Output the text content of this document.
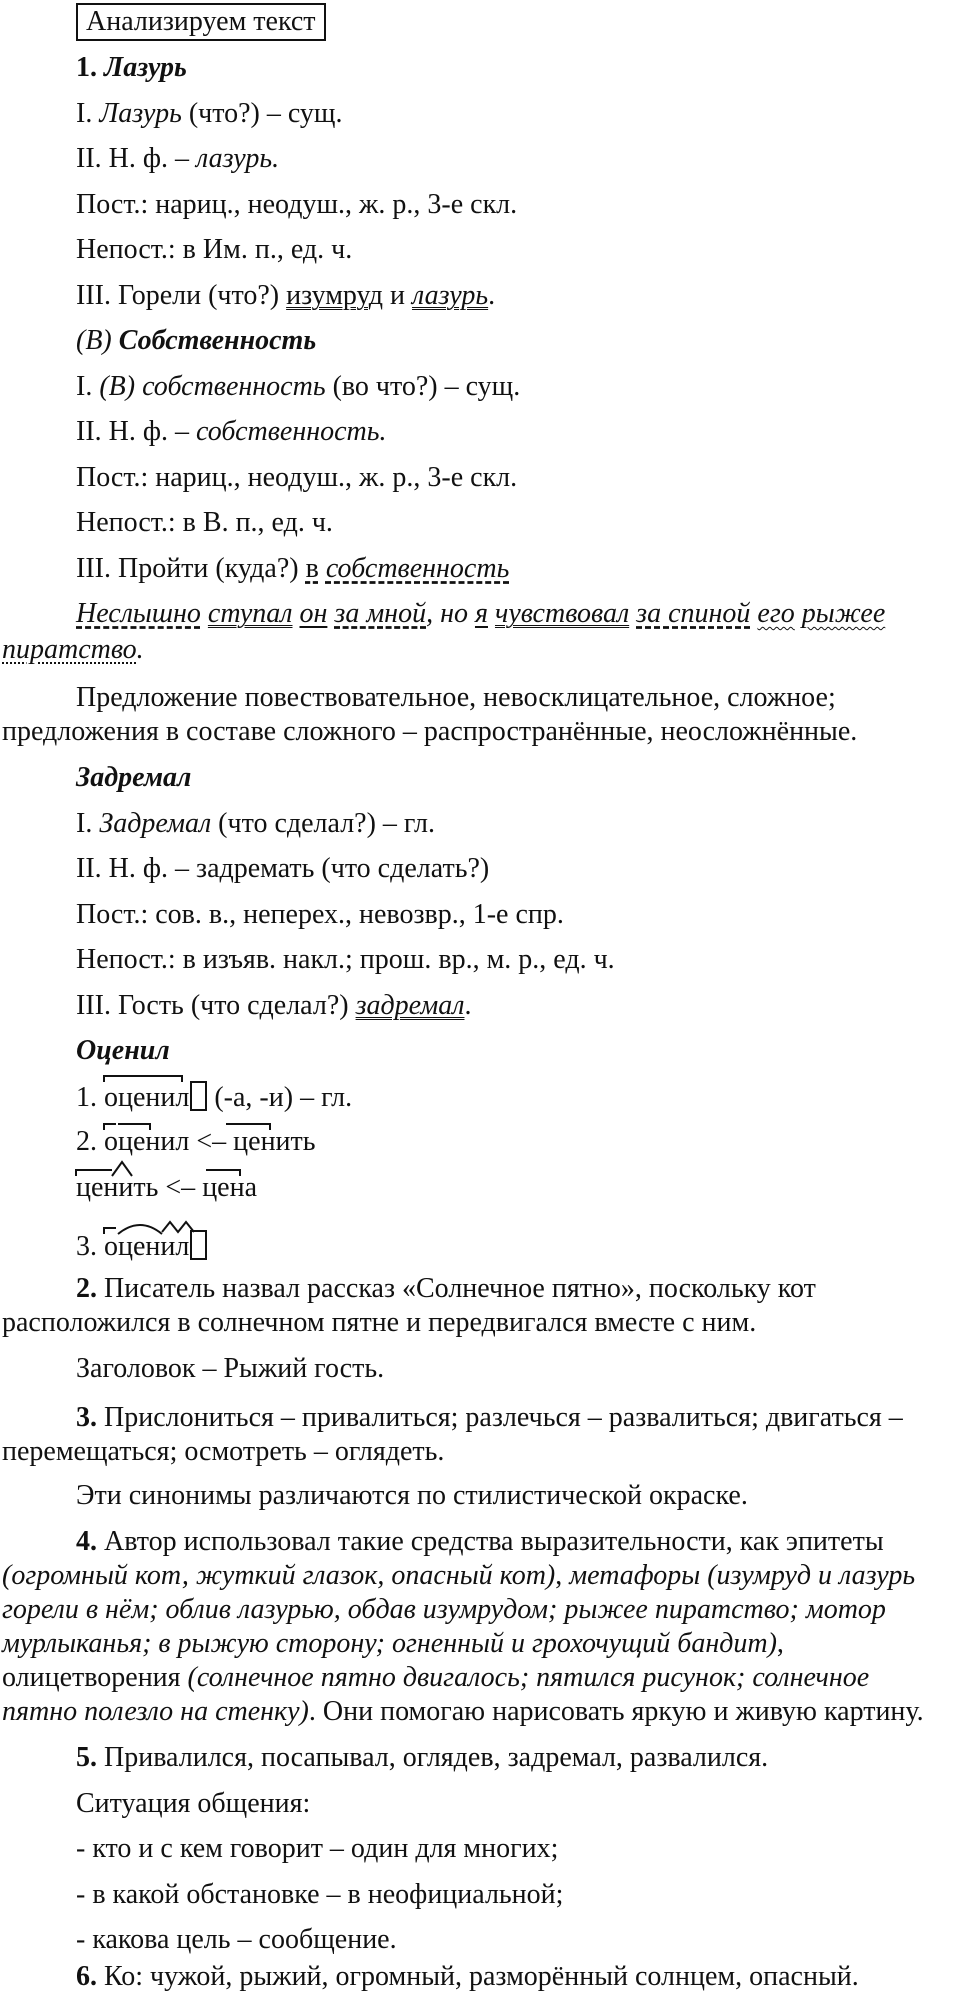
Анализируем текст
1. Лазурь
I. Лазурь (что?) – сущ.
II. Н. ф. – лазурь.
Пост.: нариц., неодуш., ж. р., 3-е скл.
Непост.: в Им. п., ед. ч.
III. Горели (что?) изумруд и лазурь.
(В) Собственность
I. (В) собственность (во что?) – сущ.
II. Н. ф. – собственность.
Пост.: нариц., неодуш., ж. р., 3-е скл.
Непост.: в В. п., ед. ч.
III. Пройти (куда?) в собственность
Неслышно ступал он за мной, но я чувствовал за спиной его рыжее
пиратство.
Предложение повествовательное, невосклицательное, сложное;
предложения в составе сложного – распространённые, неосложнённые.
Задремал
I. Задремал (что сделал?) – гл.
II. Н. ф. – задремать (что сделать?)
Пост.: сов. в., неперех., невозвр., 1-е спр.
Непост.: в изъяв. накл.; прош. вр., м. р., ед. ч.
III. Гость (что сделал?) задремал.
Оценил
1. оценил (-а, -и) – гл.
2. оценил <– ценить
ценить <– цена
3. оценил
2. Писатель назвал рассказ «Солнечное пятно», поскольку кот
расположился в солнечном пятне и передвигался вместе с ним.
Заголовок – Рыжий гость.
3. Прислониться – привалиться; разлечься – развалиться; двигаться –
перемещаться; осмотреть – оглядеть.
Эти синонимы различаются по стилистической окраске.
4. Автор использовал такие средства выразительности, как эпитеты
(огромный кот, жуткий глазок, опасный кот), метафоры (изумруд и лазурь
горели в нём; облив лазурью, обдав изумрудом; рыжее пиратство; мотор
мурлыканья; в рыжую сторону; огненный и грохочущий бандит),
олицетворения (солнечное пятно двигалось; пятился рисунок; солнечное
пятно полезло на стенку). Они помогаю нарисовать яркую и живую картину.
5. Привалился, посапывал, оглядев, задремал, развалился.
Ситуация общения:
- кто и с кем говорит – один для многих;
- в какой обстановке – в неофициальной;
- какова цель – сообщение.
6. Ко: чужой, рыжий, огромный, разморённый солнцем, опасный.
